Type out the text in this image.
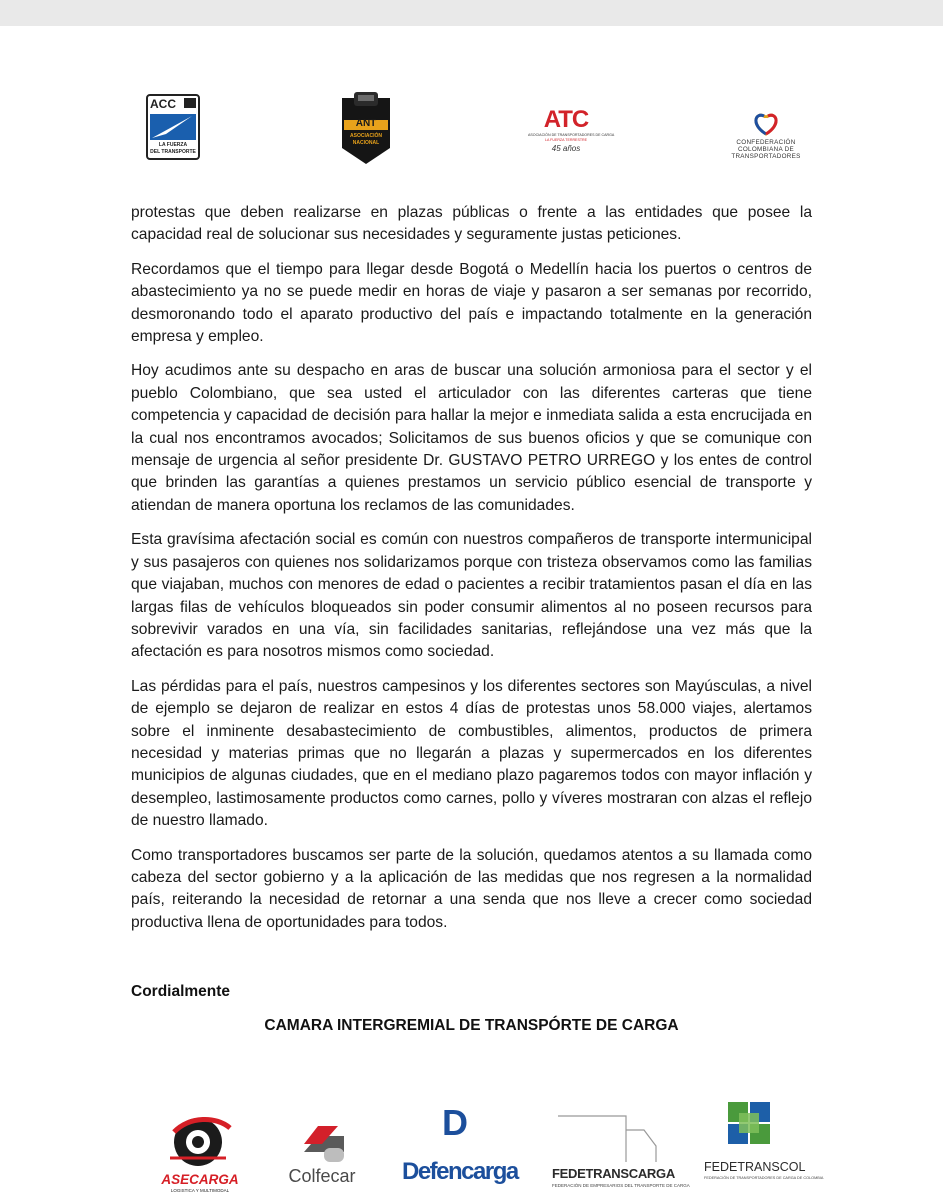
ACC
LA FUERZA
DEL TRANSPORTE
ANT
ASOCIACIÓN
NACIONAL
ATC
ASOCIACIÓN DE TRANSPORTADORES DE CARGA
LA FUERZA TERRESTRE
45 años
CONFEDERACIÓN
COLOMBIANA DE
TRANSPORTADORES

protestas que deben realizarse en plazas públicas o frente a las entidades que posee la capacidad real de solucionar sus necesidades y seguramente justas peticiones.

Recordamos que el tiempo para llegar desde Bogotá o Medellín hacia los puertos o centros de abastecimiento ya no se puede medir en horas de viaje y pasaron a ser semanas por recorrido, desmoronando todo el aparato productivo del país e impactando totalmente en la generación empresa y empleo.

Hoy acudimos ante su despacho en aras de buscar una solución armoniosa para el sector y el pueblo Colombiano, que sea usted el articulador con las diferentes carteras que tiene competencia y capacidad de decisión para hallar la mejor e inmediata salida a esta encrucijada en la cual nos encontramos avocados; Solicitamos de sus buenos oficios y que se comunique con mensaje de urgencia al señor presidente Dr. GUSTAVO PETRO URREGO y los entes de control que brinden las garantías a quienes prestamos un servicio público esencial de transporte y atiendan de manera oportuna los reclamos de las comunidades.

Esta gravísima afectación social es común con nuestros compañeros de transporte intermunicipal y sus pasajeros con quienes nos solidarizamos porque con tristeza observamos como las familias que viajaban, muchos con menores de edad o pacientes a recibir tratamientos pasan el día en las largas filas de vehículos bloqueados sin poder consumir alimentos al no poseen recursos para sobrevivir varados en una vía, sin facilidades sanitarias, reflejándose una vez más que la afectación es para nosotros mismos como sociedad.

Las pérdidas para el país, nuestros campesinos y los diferentes sectores son Mayúsculas, a nivel de ejemplo se dejaron de realizar en estos 4 días de protestas unos 58.000 viajes, alertamos sobre el inminente desabastecimiento de combustibles, alimentos, productos de primera necesidad y materias primas que no llegarán a plazas y supermercados en los diferentes municipios de algunas ciudades, que en el mediano plazo pagaremos todos con mayor inflación y desempleo, lastimosamente productos como carnes, pollo y víveres mostraran con alzas el reflejo de nuestro llamado.

Como transportadores buscamos ser parte de la solución, quedamos atentos a su llamada como cabeza del sector gobierno y a la aplicación de las medidas que nos regresen a la normalidad país, reiterando la necesidad de retornar a una senda que nos lleve a crecer como sociedad productiva llena de oportunidades para todos.

Cordialmente
CAMARA INTERGREMIAL DE TRANSPÓRTE DE CARGA
ASECARGA
LOGISTICA Y MULTIMODAL
Colfecar
D
Defencarga	FEDETRANSCARGA
FEDERACIÓN DE EMPRESARIOS DEL TRANSPORTE DE CARGA
FEDETRANSCOL
FEDERACIÓN DE TRANSPORTADORES DE CARGA DE COLOMBIA
